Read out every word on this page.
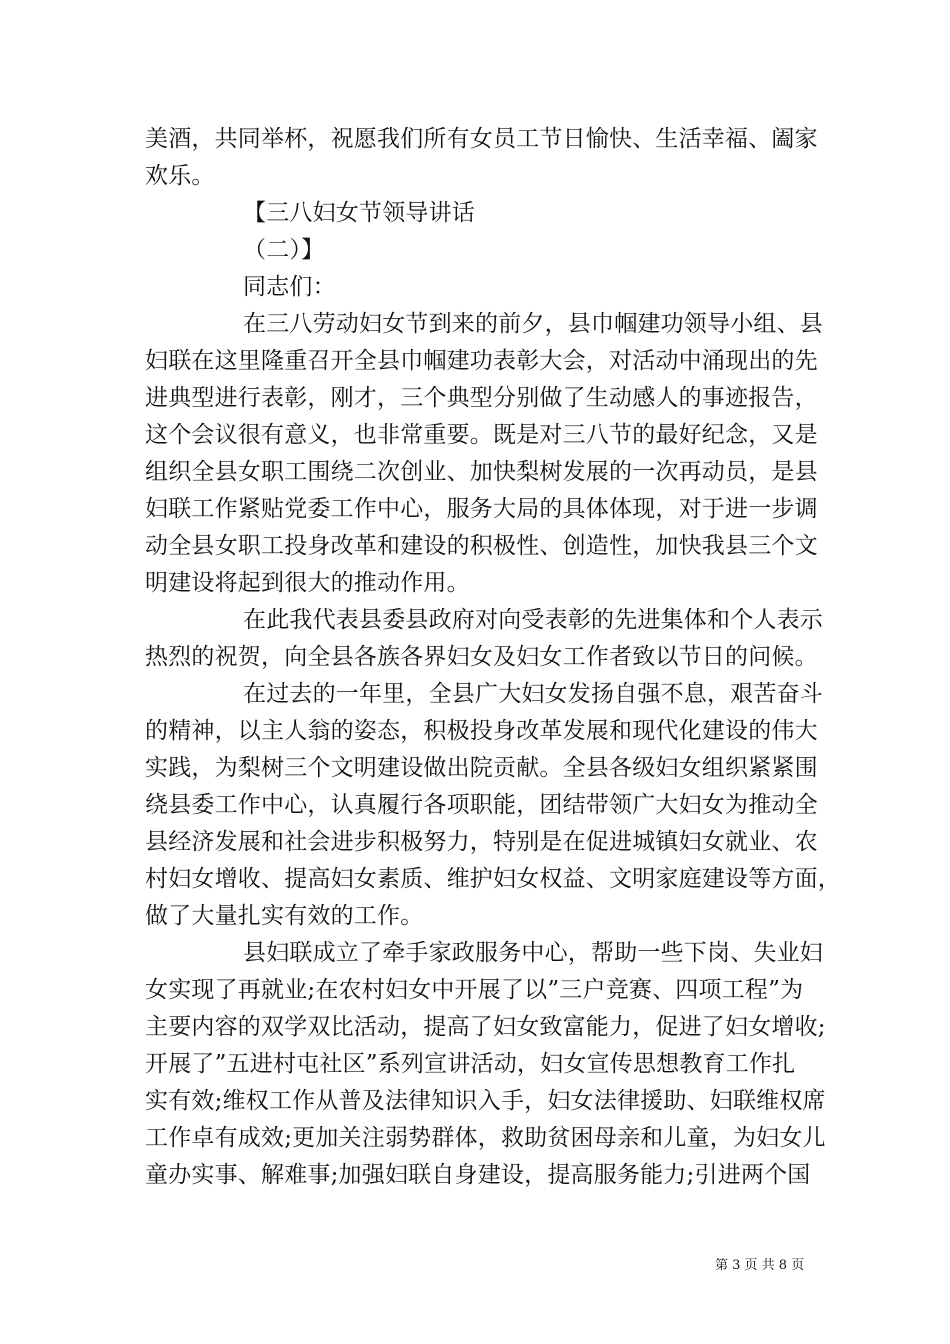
美酒，共同举杯，祝愿我们所有女员工节日愉快、生活幸福、阖家
欢乐。
【三八妇女节领导讲话
（二）】
同志们：
在三八劳动妇女节到来的前夕，县巾帼建功领导小组、县
妇联在这里隆重召开全县巾帼建功表彰大会，对活动中涌现出的先
进典型进行表彰，刚才，三个典型分别做了生动感人的事迹报告，
这个会议很有意义，也非常重要。既是对三八节的最好纪念，又是
组织全县女职工围绕二次创业、加快梨树发展的一次再动员，是县
妇联工作紧贴党委工作中心，服务大局的具体体现，对于进一步调
动全县女职工投身改革和建设的积极性、创造性，加快我县三个文
明建设将起到很大的推动作用。
在此我代表县委县政府对向受表彰的先进集体和个人表示
热烈的祝贺，向全县各族各界妇女及妇女工作者致以节日的问候。
在过去的一年里，全县广大妇女发扬自强不息，艰苦奋斗
的精神，以主人翁的姿态，积极投身改革发展和现代化建设的伟大
实践，为梨树三个文明建设做出院贡献。全县各级妇女组织紧紧围
绕县委工作中心，认真履行各项职能，团结带领广大妇女为推动全
县经济发展和社会进步积极努力，特别是在促进城镇妇女就业、农
村妇女增收、提高妇女素质、维护妇女权益、文明家庭建设等方面，
做了大量扎实有效的工作。
县妇联成立了牵手家政服务中心，帮助一些下岗、失业妇
女实现了再就业;在农村妇女中开展了以”三户竞赛、四项工程”为
主要内容的双学双比活动，提高了妇女致富能力，促进了妇女增收;
开展了”五进村屯社区”系列宣讲活动，妇女宣传思想教育工作扎
实有效;维权工作从普及法律知识入手，妇女法律援助、妇联维权席
工作卓有成效;更加关注弱势群体，救助贫困母亲和儿童，为妇女儿
童办实事、解难事;加强妇联自身建设，提高服务能力;引进两个国
第 3 页 共 8 页
